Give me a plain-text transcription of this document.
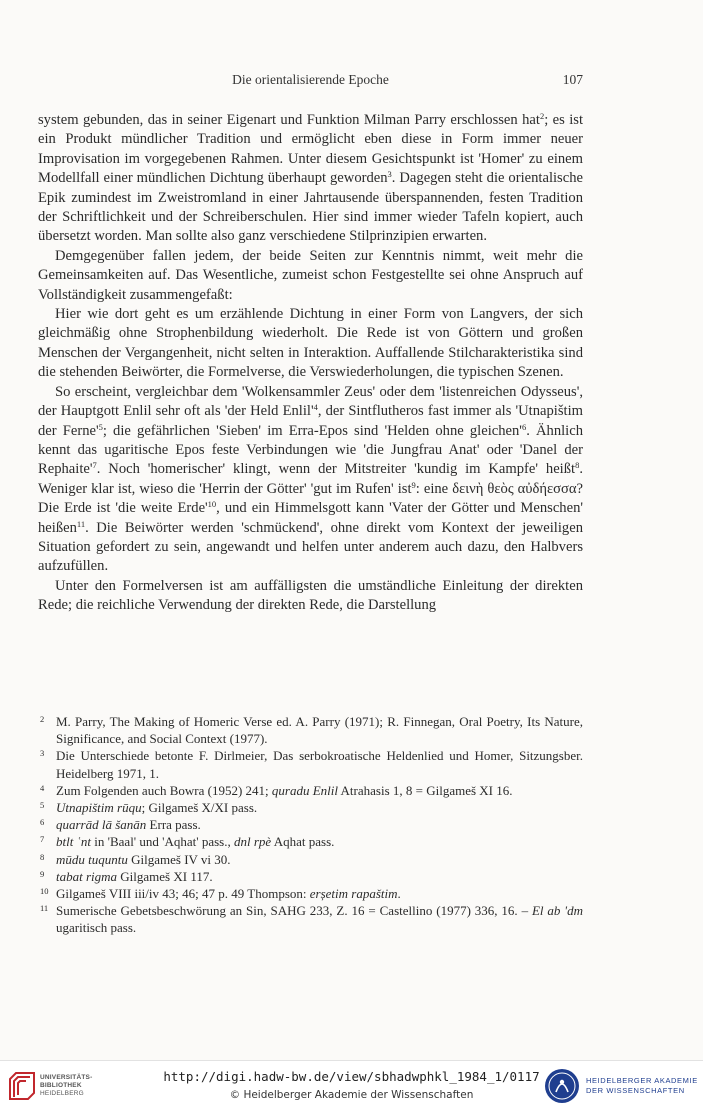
Die orientalisierende Epoche	107

system gebunden, das in seiner Eigenart und Funktion Milman Parry erschlossen hat$^2$; es ist ein Produkt mündlicher Tradition und ermöglicht eben diese in Form immer neuer Improvisation im vorgegebenen Rahmen. Unter diesem Gesichtspunkt ist 'Homer' zu einem Modellfall einer mündlichen Dichtung überhaupt geworden$^3$. Dagegen steht die orientalische Epik zumindest im Zweistromland in einer Jahrtausende überspannenden, festen Tradition der Schriftlichkeit und der Schreiberschulen. Hier sind immer wieder Tafeln kopiert, auch übersetzt worden. Man sollte also ganz verschiedene Stilprinzipien erwarten.

Demgegenüber fallen jedem, der beide Seiten zur Kenntnis nimmt, weit mehr die Gemeinsamkeiten auf. Das Wesentliche, zumeist schon Festgestellte sei ohne Anspruch auf Vollständigkeit zusammengefaßt:

Hier wie dort geht es um erzählende Dichtung in einer Form von Langvers, der sich gleichmäßig ohne Strophenbildung wiederholt. Die Rede ist von Göttern und großen Menschen der Vergangenheit, nicht selten in Interaktion. Auffallende Stilcharakteristika sind die stehenden Beiwörter, die Formelverse, die Verswiederholungen, die typischen Szenen.

So erscheint, vergleichbar dem 'Wolkensammler Zeus' oder dem 'listenreichen Odysseus', der Hauptgott Enlil sehr oft als 'der Held $Enlil'^4$, der Sintflutheros fast immer als 'Utnapištim der $Ferne'^5$; die gefährlichen 'Sieben' im Erra-Epos sind 'Helden ohne $gleichen'^6$. Ähnlich kennt das ugaritische Epos feste Verbindungen wie 'die Jungfrau Anat' oder 'Danel der $Rephaite'^7$. Noch 'homerischer' klingt, wenn der Mitstreiter 'kundig im Kampfe' heißt$^8$. Weniger klar ist, wieso die 'Herrin der Götter' 'gut im Rufen' ist$^9$: eine δεινὴ θεὸς αὐδήεσσα? Die Erde ist 'die weite $Erde'^{10}$, und ein Himmelsgott kann 'Vater der Götter und Menschen' heißen$^{11}$. Die Beiwörter werden 'schmückend', ohne direkt vom Kontext der jeweiligen Situation gefordert zu sein, angewandt und helfen unter anderem auch dazu, den Halbvers aufzufüllen.

Unter den Formelversen ist am auffälligsten die umständliche Einleitung der direkten Rede; die reichliche Verwendung der direkten Rede, die Darstellung

2 M. Parry, The Making of Homeric Verse ed. A. Parry (1971); R. Finnegan, Oral Poetry, Its Nature, Significance, and Social Context (1977).

3 Die Unterschiede betonte F. Dirlmeier, Das serbokroatische Heldenlied und Homer, Sitzungsber. Heidelberg 1971, 1.

4 Zum Folgenden auch Bowra (1952) 241; quradu Enlil Atrahasis 1, 8 = Gilgameš XI 16.

5 Utnapištim rūqu; Gilgameš X/XI pass.

6 quarrād lā šanān Erra pass.

7 btlt ʿnt in 'Baal' und 'Aqhat' pass., dnl rpè Aqhat pass.

8 mūdu tuquntu Gilgameš IV vi 30.

9 tabat rigma Gilgameš XI 117.

10 Gilgameš VIII iii/iv 43; 46; 47 p. 49 Thompson: erșetim rapaštim.

11 Sumerische Gebetsbeschwörung an Sin, SAHG 233, Z. 16 = Castellino (1977) 336, 16. – El ab 'dm ugaritisch pass.

UNIVERSITÄTS-
BIBLIOTHEK
HEIDELBERG
http://digi.hadw-bw.de/view/sbhadwphkl_1984_1/0117
© Heidelberger Akademie der Wissenschaften
HEIDELBERGER AKADEMIE
DER WISSENSCHAFTEN
